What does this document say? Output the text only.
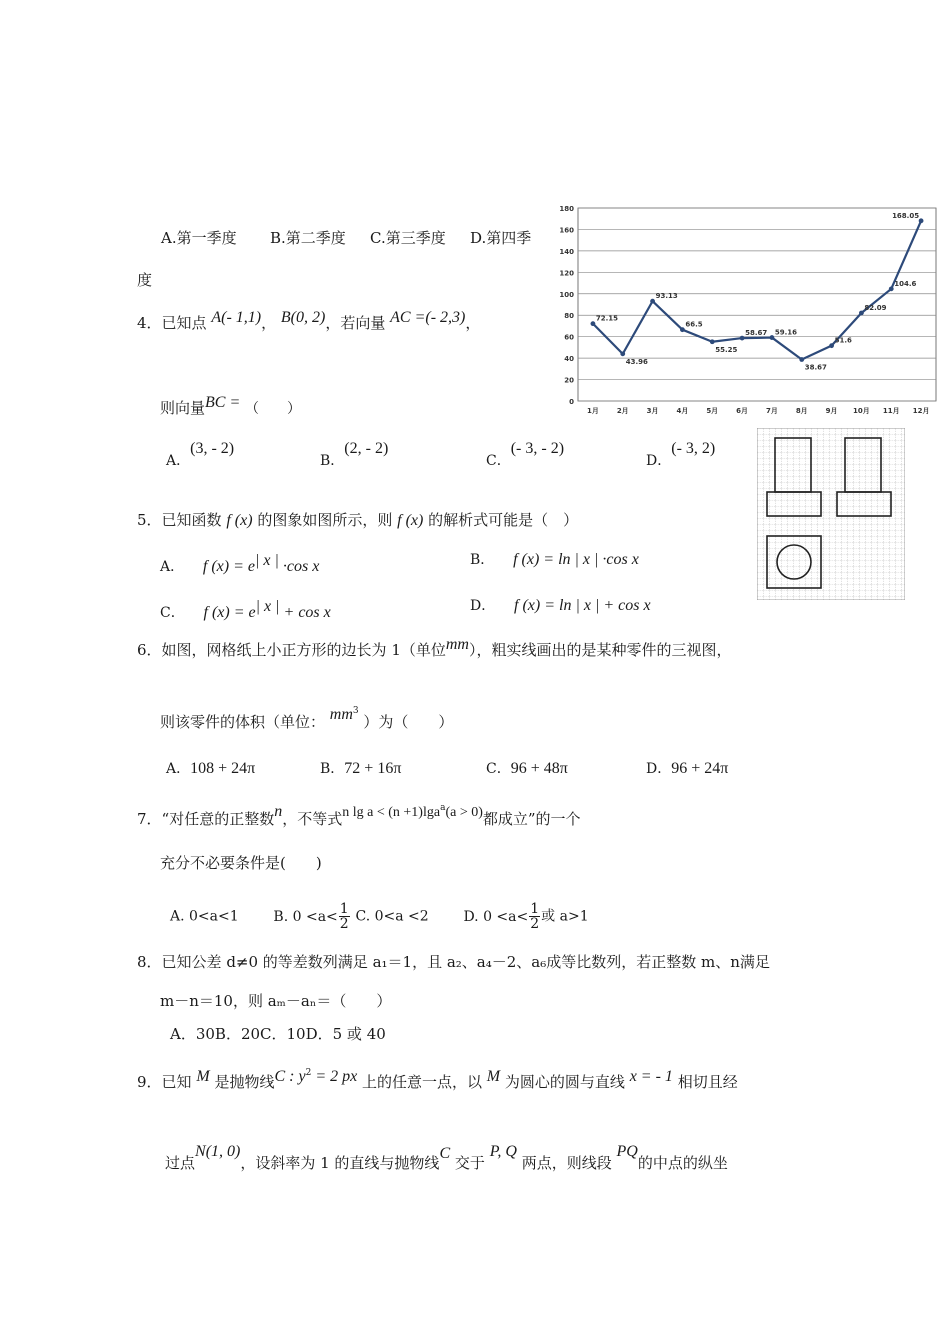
A.第一季度 B.第二季度 C.第三季度 D.第四季
度
0
20
40
60
80
100
120
140
160
180
1月	2月	3月	4月	5月	6月	7月	8月	9月 10月 11月 12月
72.15
43.96
93.13
66.5
55.25
58.67 59.16
38.67
51.6
82.09
104.6
168.05
4．已知点 A(- 1,1)， B(0, 2)，若向量 AC =(- 2,3)，
则向量BC = （　　）
A．(3, - 2)
B．(2, - 2)
C．(- 3, - 2)
D．(- 3, 2)
5．已知函数 f (x) 的图象如图所示，则 f (x) 的解析式可能是（　）
A． f $(x) = e^{| x |} \cdot\cos$ x	B． f (x) = ln | x | ·cos x
C． f $(x) = e^{| x |} + \cos x$	D． f (x) = ln | x | + cos x
6．如图，网格纸上小正方形的边长为 1（单位mm），粗实线画出的是某种零件的三视图，
则该零件的体积（单位： $mm^3$ ）为（　　）
A．108 + 24π	B．72 + 16π	C．96 + 48π	D．96 + 24π
7．“对任意的正整数n，不等式n lg a < (n +1)lga$^a$(a > 0)都成立”的一个
充分不必要条件是(　　)
A. 0<a<1 B. $0 <a< \frac{1}{2} C$. 0<a <2 D. $0 <a< \frac{1}{2}$ 或 a>1
8．已知公差 d≠0 的等差数列满足 a₁＝1，且 a₂、a₄－2、a₆成等比数列，若正整数 m、n满足
m－n＝10，则 aₘ－aₙ＝（　　）
A．30B．20C．10D．5 或 40
9．已知 M 是抛物线C : $y^2 = 2$ px 上的任意一点，以 M 为圆心的圆与直线 x = - 1 相切且经
过点N(1, 0)，设斜率为 1 的直线与抛物线C 交于 P, Q 两点，则线段 PQ的中点的纵坐
